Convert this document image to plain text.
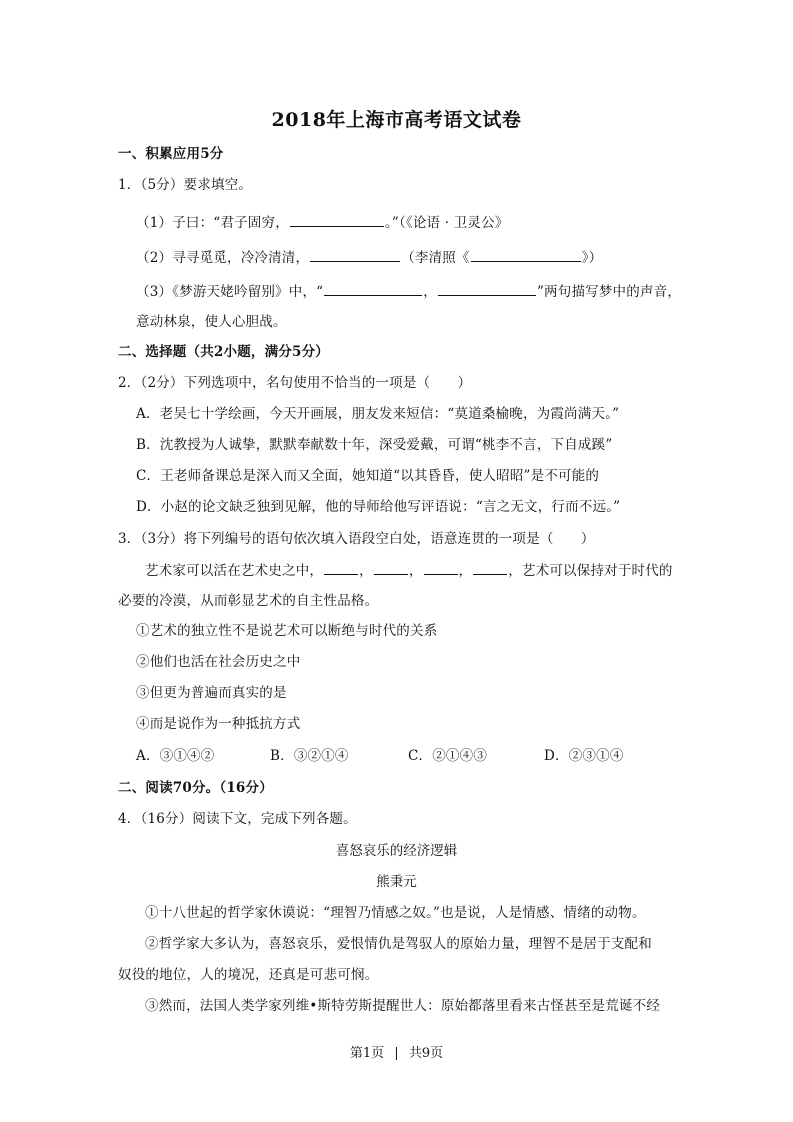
2018年上海市高考语文试卷
一、积累应用5分
1．（5分）要求填空。
（1）子曰：“君子固穷，	。”（《论语 · 卫灵公》
（2）寻寻觅觅，冷冷清清，	（李清照《	》）
（3）《梦游天姥吟留别》中，“	，	”两句描写梦中的声音，
意动林泉，使人心胆战。
二、选择题（共2小题，满分5分）
2．（2分）下列选项中，名句使用不恰当的一项是（　　）
A．老吴七十学绘画，今天开画展，朋友发来短信：“莫道桑榆晚，为霞尚满天。”
B．沈教授为人诚挚，默默奉献数十年，深受爱戴，可谓“桃李不言，下自成蹊”
C．王老师备课总是深入而又全面，她知道“以其昏昏，使人昭昭”是不可能的
D．小赵的论文缺乏独到见解，他的导师给他写评语说：“言之无文，行而不远。”
3．（3分）将下列编号的语句依次填入语段空白处，语意连贯的一项是（　　）
艺术家可以活在艺术史之中，	，	，	，	，艺术可以保持对于时代的
必要的冷漠，从而彰显艺术的自主性品格。
①艺术的独立性不是说艺术可以断绝与时代的关系
②他们也活在社会历史之中
③但更为普遍而真实的是
④而是说作为一种抵抗方式
A．③①④②	B．③②①④	C．②①④③	D．②③①④
二、阅读70分。（16分）
4．（16分）阅读下文，完成下列各题。
喜怒哀乐的经济逻辑
熊秉元
①十八世起的哲学家休谟说：“理智乃情感之奴。”也是说，人是情感、情绪的动物。
②哲学家大多认为，喜怒哀乐，爱恨情仇是驾驭人的原始力量，理智不是居于支配和
奴役的地位，人的境况，还真是可悲可悯。
③然而，法国人类学家列维•斯特劳斯提醒世人：原始都落里看来古怪甚至是荒诞不经
第1页 | 共9页
